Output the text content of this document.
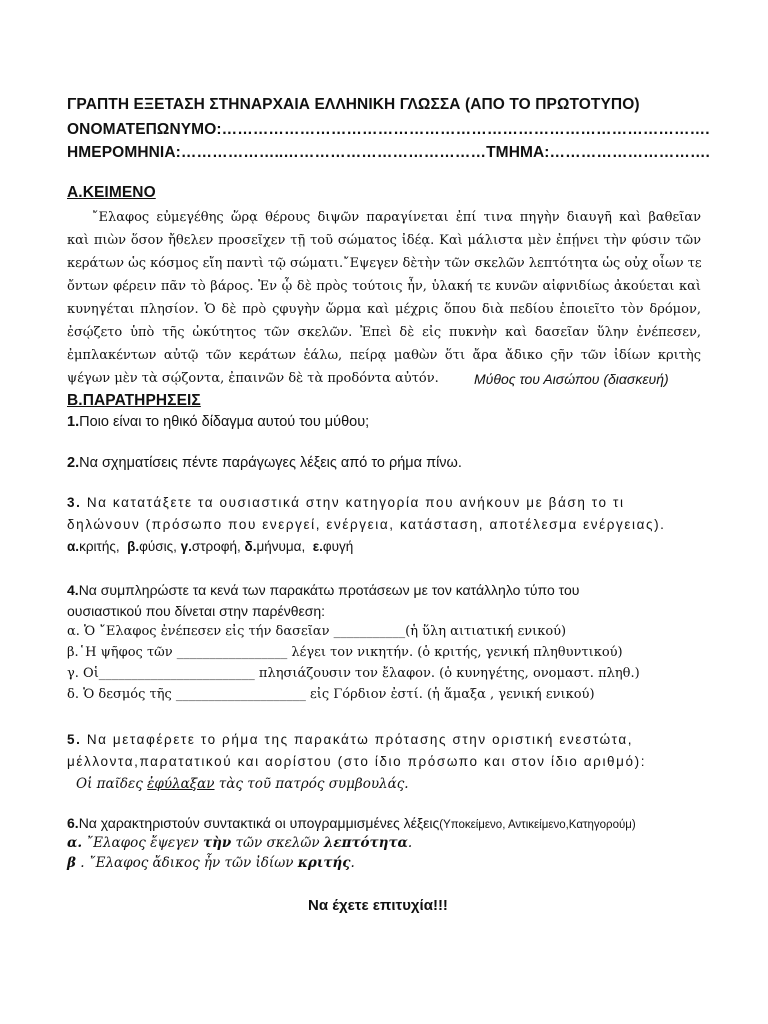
ΓΡΑΠΤΗ ΕΞΕΤΑΣΗ ΣΤΗΝΑΡΧΑΙΑ ΕΛΛΗΝΙΚΗ ΓΛΩΣΣΑ (ΑΠΟ ΤΟ ΠΡΩΤΟΤΥΠΟ)
ΟΝΟΜΑΤΕΠΩΝΥΜΟ:………………………………………………………………………………….
ΗΜΕΡΟΜΗΝΙΑ:………………..…………………………………ΤΜΗΜΑ:………………………….
Α.ΚΕΙΜΕΝΟ
῎Ελαφος εὐμεγέθης ὥρᾳ θέρους διψῶν παραγίνεται ἐπί τινα πηγὴν διαυγῆ καὶ βαθεῖαν
καὶ πιὼν ὅσον ἤθελεν προσεῖχεν τῇ τοῦ σώματος ἰδέᾳ. Καὶ μάλιστα μὲν ἐπῄνει τὴν φύσιν τῶν
κεράτων ὡς κόσμος εἴη παντὶ τῷ σώματι.῎Εψεγεν δὲτὴν τῶν σκελῶν λεπτότητα ὡς οὐχ οἷων τε
ὄντων φέρειν πᾶν τὸ βάρος. Ἐν ᾧ δὲ πρὸς τούτοις ἦν, ὑλακή τε κυνῶν αἰφνιδίως ἀκούεται καὶ
κυνηγέται πλησίον. Ὁ δὲ πρὸ ςφυγὴν ὥρμα καὶ μέχρις ὅπου διὰ πεδίου ἐποιεῖτο τὸν δρόμον,
ἐσῴζετο ὑπὸ τῆς ὠκύτητος τῶν σκελῶν. Ἐπεὶ δὲ εἰς πυκνὴν καὶ δασεῖαν ὕλην ἐνέπεσεν,
ἐμπλακέντων αὐτῷ τῶν κεράτων ἑάλω, πείρᾳ μαθὼν ὅτι ἄρα ἄδικο ςῆν τῶν ἰδίων κριτὴς
ψέγων μὲν τὰ σῴζοντα, ἐπαινῶν δὲ τὰ προδόντα αὐτόν.	Μύθος του Αισώπου (διασκευή)
Β.ΠΑΡΑΤΗΡΗΣΕΙΣ
1.Ποιο είναι το ηθικό δίδαγμα αυτού του μύθου;
2.Να σχηματίσεις πέντε παράγωγες λέξεις από το ρήμα πίνω.
3. Να κατατάξετε τα ουσιαστικά στην κατηγορία που ανήκουν με βάση το τι
δηλώνουν (πρόσωπο που ενεργεί, ενέργεια, κατάσταση, αποτέλεσμα ενέργειας).
α.κριτής, β.φύσις, γ.στροφή, δ.μήνυμα, ε.φυγή
4.Να συμπληρώστε τα κενά των παρακάτω προτάσεων με τον κατάλληλο τύπο του
ουσιαστικού που δίνεται στην παρένθεση:
α. Ὁ ῎Ελαφος ἐνέπεσεν εἰς τήν δασεῖαν ___________(ἡ ὕλη αιτιατική ενικού)
β.῾Η ψῆφος τῶν _________________ λέγει τον νικητήν. (ὁ κριτής, γενική πληθυντικού)
γ. Οἱ________________________ πλησιάζουσιν τον ἔλαφον. (ὁ κυνηγέτης, ονομαστ. πληθ.)
δ. Ὁ δεσμός τῆς ____________________ εἰς Γόρδιον ἐστί. (ἡ ἅμαξα , γενική ενικού)
5. Να μεταφέρετε το ρήμα της παρακάτω πρότασης στην οριστική ενεστώτα,
μέλλοντα,παρατατικού και αορίστου (στο ίδιο πρόσωπο και στον ίδιο αριθμό):
Οἱ παῖδες ἐφύλαξαν τὰς τοῦ πατρός συμβουλάς.
6.Να χαρακτηριστούν συντακτικά οι υπογραμμισμένες λέξεις(Υποκείμενο, Αντικείμενο,Κατηγορούμ)
α. ῎Ελαφος ἔψεγεν τὴν τῶν σκελῶν λεπτότητα.
β . ῎Ελαφος ἄδικος ἦν τῶν ἰδίων κριτής.
Να έχετε επιτυχία!!!
